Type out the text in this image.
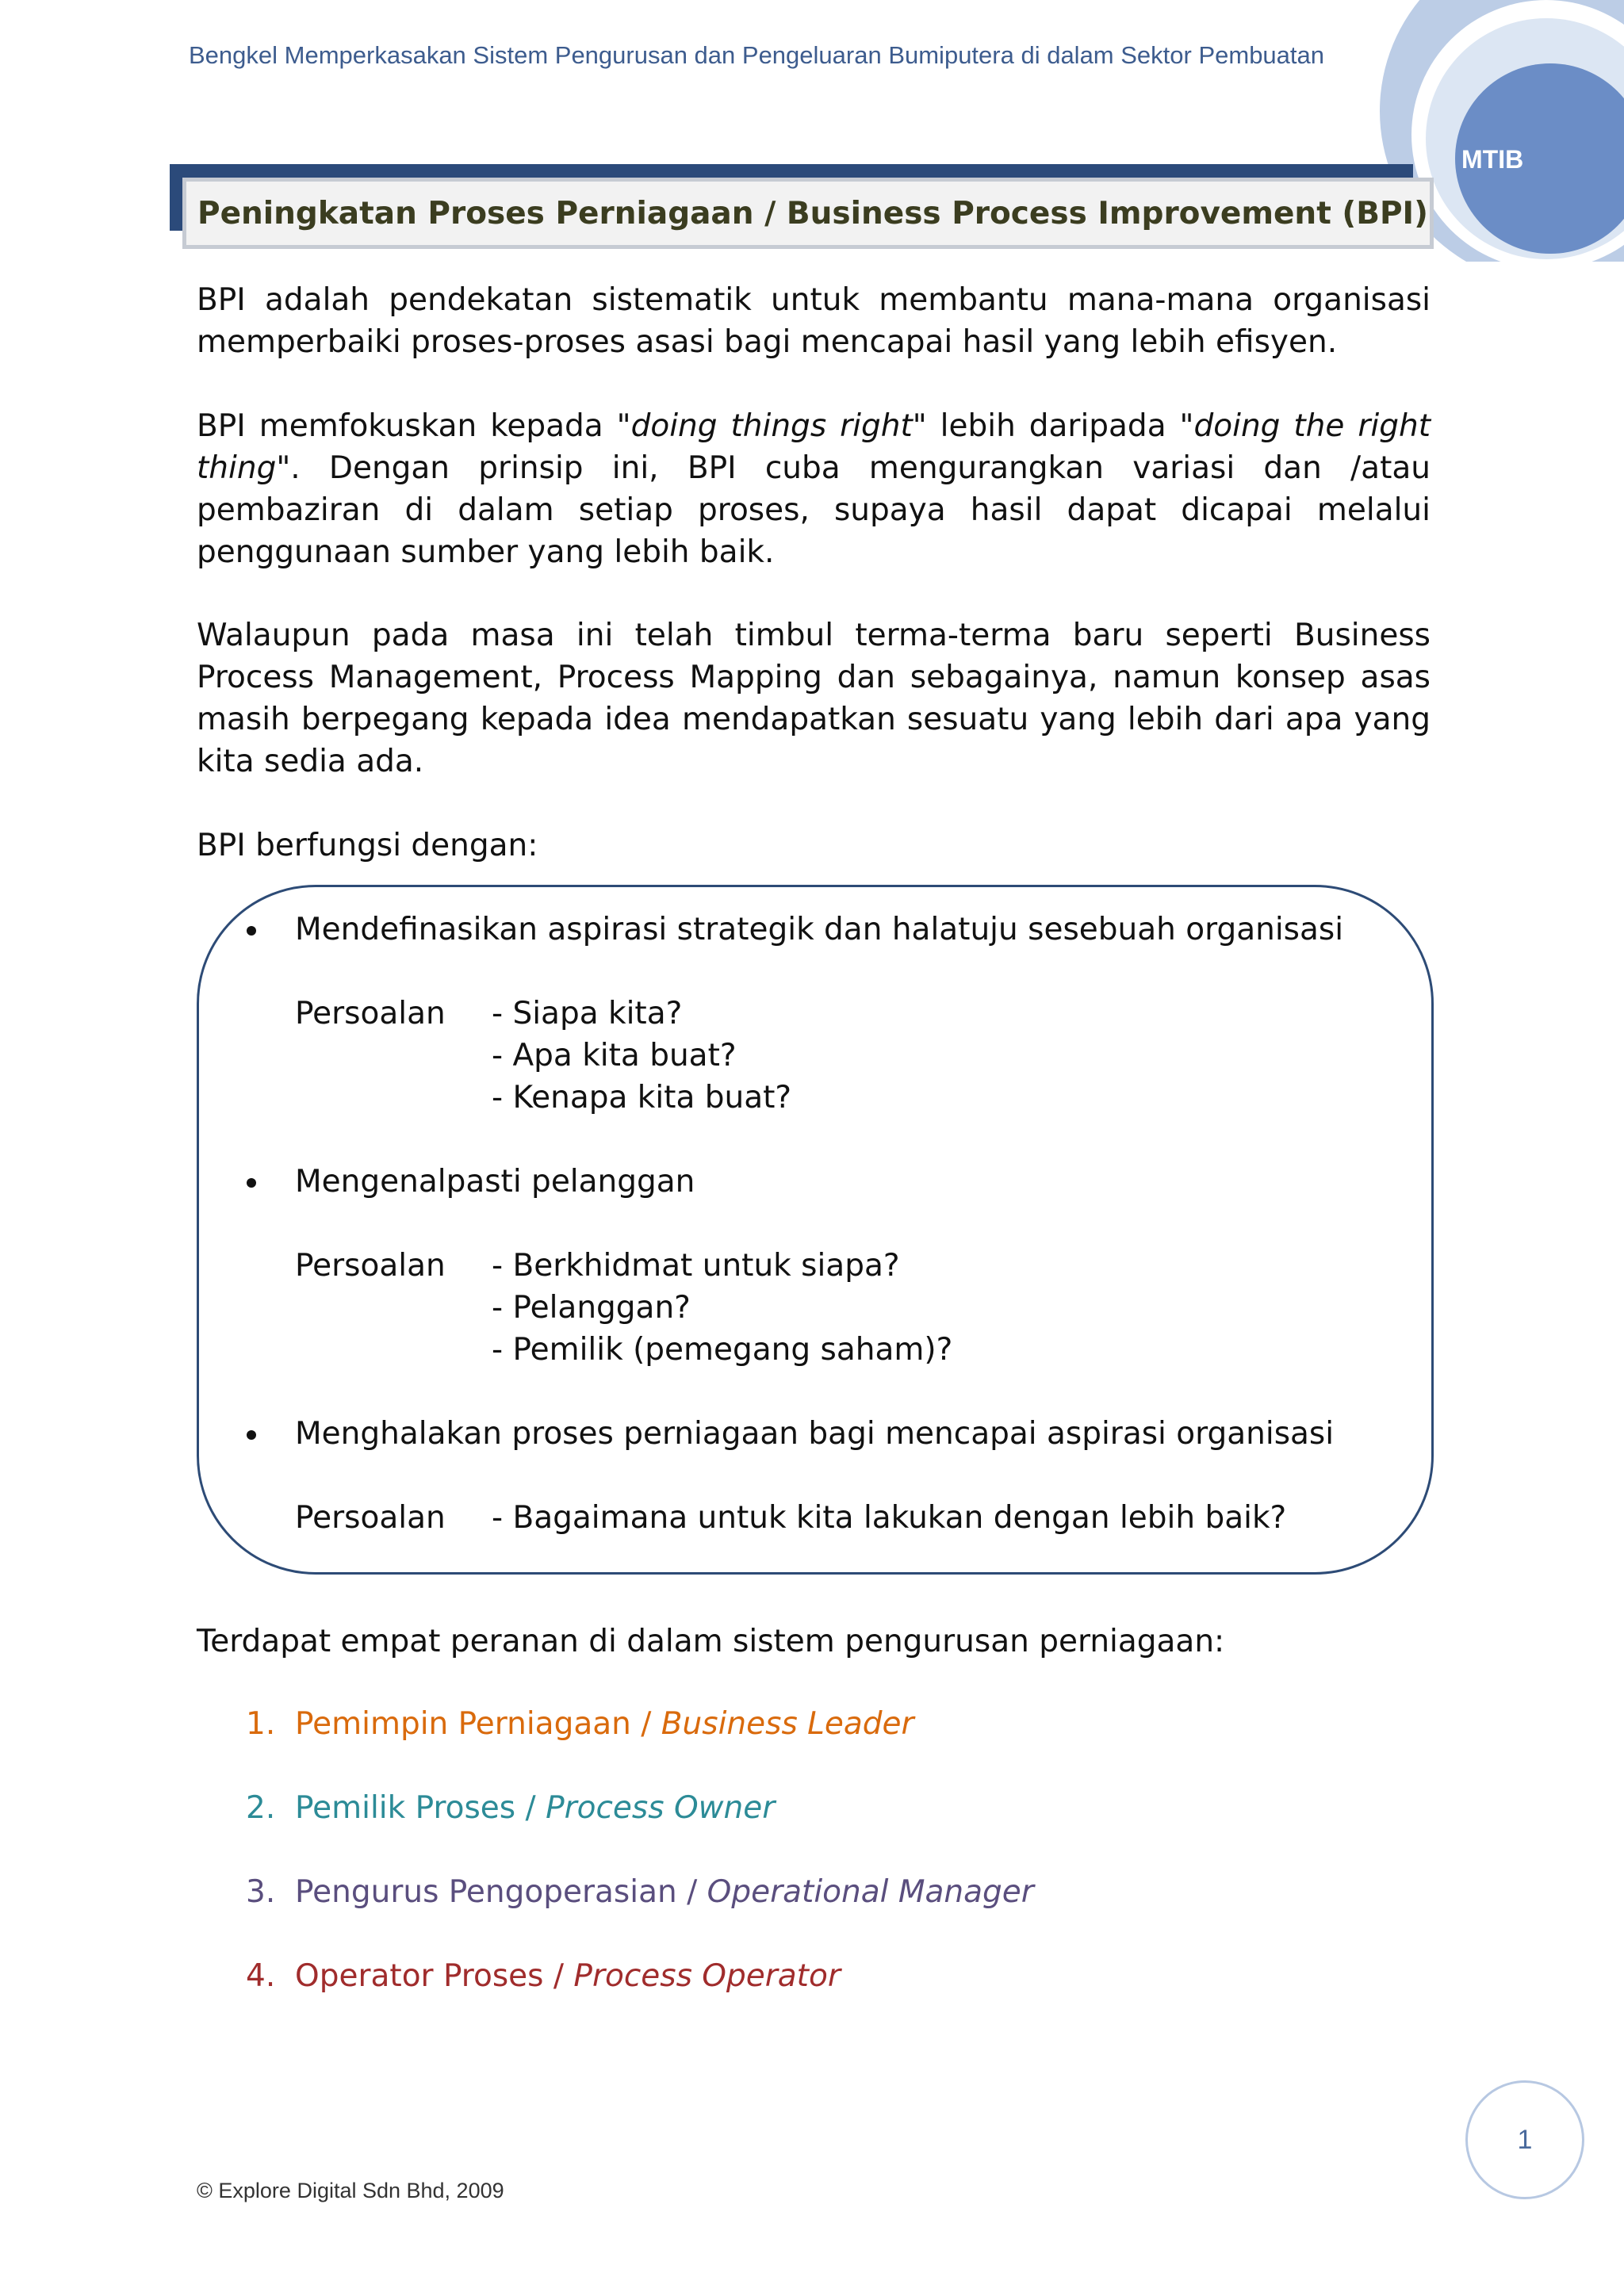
Bengkel Memperkasakan Sistem Pengurusan dan Pengeluaran Bumiputera di dalam Sektor Pembuatan
MTIB
Peningkatan Proses Perniagaan / Business Process Improvement (BPI)

BPI adalah pendekatan sistematik untuk membantu mana-mana organisasi memperbaiki proses-proses asasi bagi mencapai hasil yang lebih efisyen.

BPI memfokuskan kepada "doing things right" lebih daripada "doing the right thing". Dengan prinsip ini, BPI cuba mengurangkan variasi dan /atau pembaziran di dalam setiap proses, supaya hasil dapat dicapai melalui penggunaan sumber yang lebih baik.

Walaupun pada masa ini telah timbul terma-terma baru seperti Business Process Management, Process Mapping dan sebagainya, namun konsep asas masih berpegang kepada idea mendapatkan sesuatu yang lebih dari apa yang kita sedia ada.

BPI berfungsi dengan:

Mendefinasikan aspirasi strategik dan halatuju sesebuah organisasi
Persoalan - Siapa kita?
- Apa kita buat?
- Kenapa kita buat?
Mengenalpasti pelanggan
Persoalan - Berkhidmat untuk siapa?
- Pelanggan?
- Pemilik (pemegang saham)?
Menghalakan proses perniagaan bagi mencapai aspirasi organisasi
Persoalan - Bagaimana untuk kita lakukan dengan lebih baik?

Terdapat empat peranan di dalam sistem pengurusan perniagaan:

1. Pemimpin Perniagaan / Business Leader
2. Pemilik Proses / Process Owner
3. Pengurus Pengoperasian / Operational Manager
4. Operator Proses / Process Operator
1
© Explore Digital Sdn Bhd, 2009
